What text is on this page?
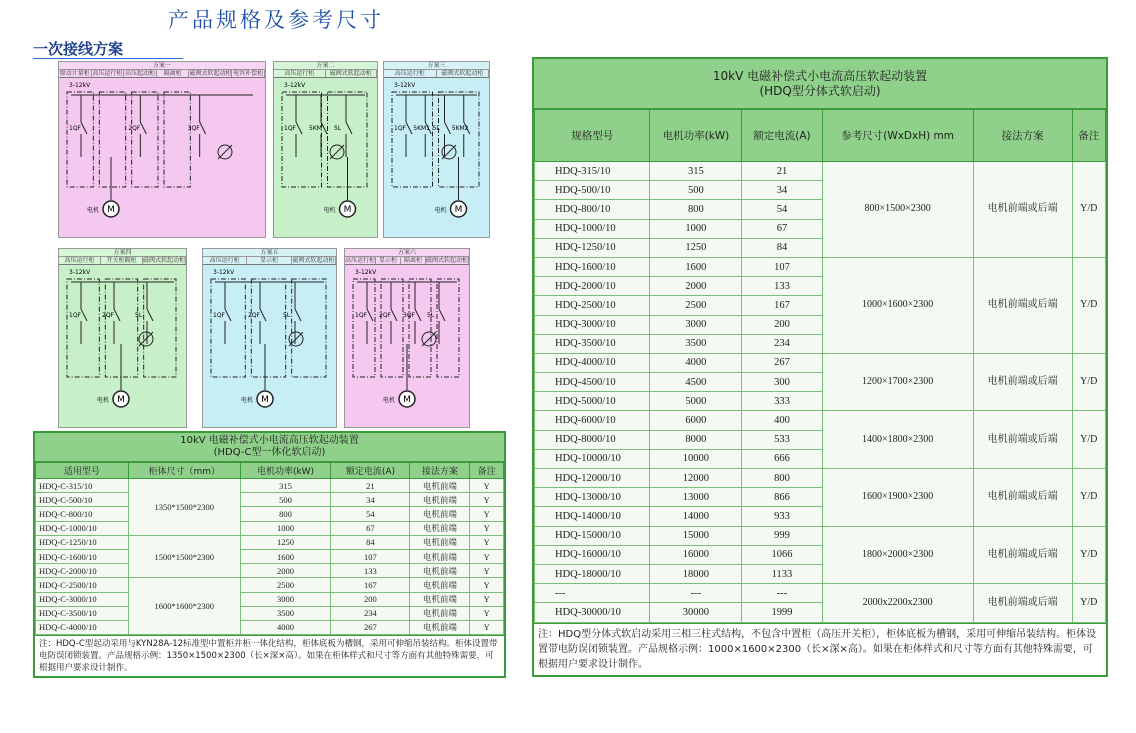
产品规格及参考尺寸
一次接线方案
方案一
原动计量柜 高压运行柜 高压起动柜	隔离柜	磁阀式软起动柜 电容补偿柜
3-12kV
1QF	2QF	3QF
M
电机
方案二
高压运行柜	磁阀式软起动柜
3-12kV
1QF 5KM 5L
M
电机
方案三
高压运行柜	磁阀式软起动柜
3-12kV
1QF 5KM1 5L 5KM2
M
电机
方案四
高压运行柜	开关柜隔柜	磁阀式软起动柜
3-12kV
1QF	2QF	5L
M
电机
方案五
高压运行柜	显示柜	磁阀式软起动柜
3-12kV
1QF	2QF	5L
M
电机
方案六
高压运行柜 显示柜	隔离柜 磁阀式软起动柜
3-12kV
1QF 2QF 3QF 5L
M
电机
10kV 电磁补偿式小电流高压软起动装置
(HDQ-C型一体化软启动)
适用型号	柜体尺寸（mm）	电机功率(kW)	额定电流(A)	接法方案	备注
HDQ-C-315/10	1350*1500*2300	315	21	电机前端	Y
HDQ-C-500/10		500	34	电机前端	Y
HDQ-C-800/10		800	54	电机前端	Y
HDQ-C-1000/10		1000	67	电机前端	Y
HDQ-C-1250/10	1500*1500*2300	1250	84	电机前端	Y
HDQ-C-1600/10		1600	107	电机前端	Y
HDQ-C-2000/10		2000	133	电机前端	Y
HDQ-C-2500/10	1600*1600*2300	2500	167	电机前端	Y
HDQ-C-3000/10		3000	200	电机前端	Y
HDQ-C-3500/10		3500	234	电机前端	Y
HDQ-C-4000/10		4000	267	电机前端	Y
注：HDQ-C型起动采用与KYN28A-12标准型中置柜并柜一体化结构，柜体底板为槽钢，采用可伸缩吊装结构。柜体设置带电防误闭锁装置。产品规格示例：1350×1500×2300（长×深×高）。如果在柜体样式和尺寸等方面有其他特殊需要，可根据用户要求设计制作。
10kV 电磁补偿式小电流高压软起动装置
(HDQ型分体式软启动)
规格型号	电机功率(kW)	额定电流(A)	参考尺寸(WxDxH) mm	接法方案	备注
HDQ-315/10	315	21	800×1500×2300	电机前端或后端	Y/D
HDQ-500/10	500	34			
HDQ-800/10	800	54			
HDQ-1000/10	1000	67			
HDQ-1250/10	1250	84			
HDQ-1600/10	1600	107	1000×1600×2300	电机前端或后端	Y/D
HDQ-2000/10	2000	133			
HDQ-2500/10	2500	167			
HDQ-3000/10	3000	200			
HDQ-3500/10	3500	234			
HDQ-4000/10	4000	267	1200×1700×2300	电机前端或后端	Y/D
HDQ-4500/10	4500	300			
HDQ-5000/10	5000	333			
HDQ-6000/10	6000	400	1400×1800×2300	电机前端或后端	Y/D
HDQ-8000/10	8000	533			
HDQ-10000/10	10000	666			
HDQ-12000/10	12000	800	1600×1900×2300	电机前端或后端	Y/D
HDQ-13000/10	13000	866			
HDQ-14000/10	14000	933			
HDQ-15000/10	15000	999	1800×2000×2300	电机前端或后端	Y/D
HDQ-16000/10	16000	1066			
HDQ-18000/10	18000	1133			
---	---	---	2000x2200x2300	电机前端或后端	Y/D
HDQ-30000/10	30000	1999			
注：HDQ型分体式软启动采用三相三柱式结构，不包含中置柜（高压开关柜），柜体底板为槽钢，采用可伸缩吊装结构。柜体设置带电防误闭锁装置。产品规格示例：1000×1600×2300（长×深×高）。如果在柜体样式和尺寸等方面有其他特殊需要，可根据用户要求设计制作。
